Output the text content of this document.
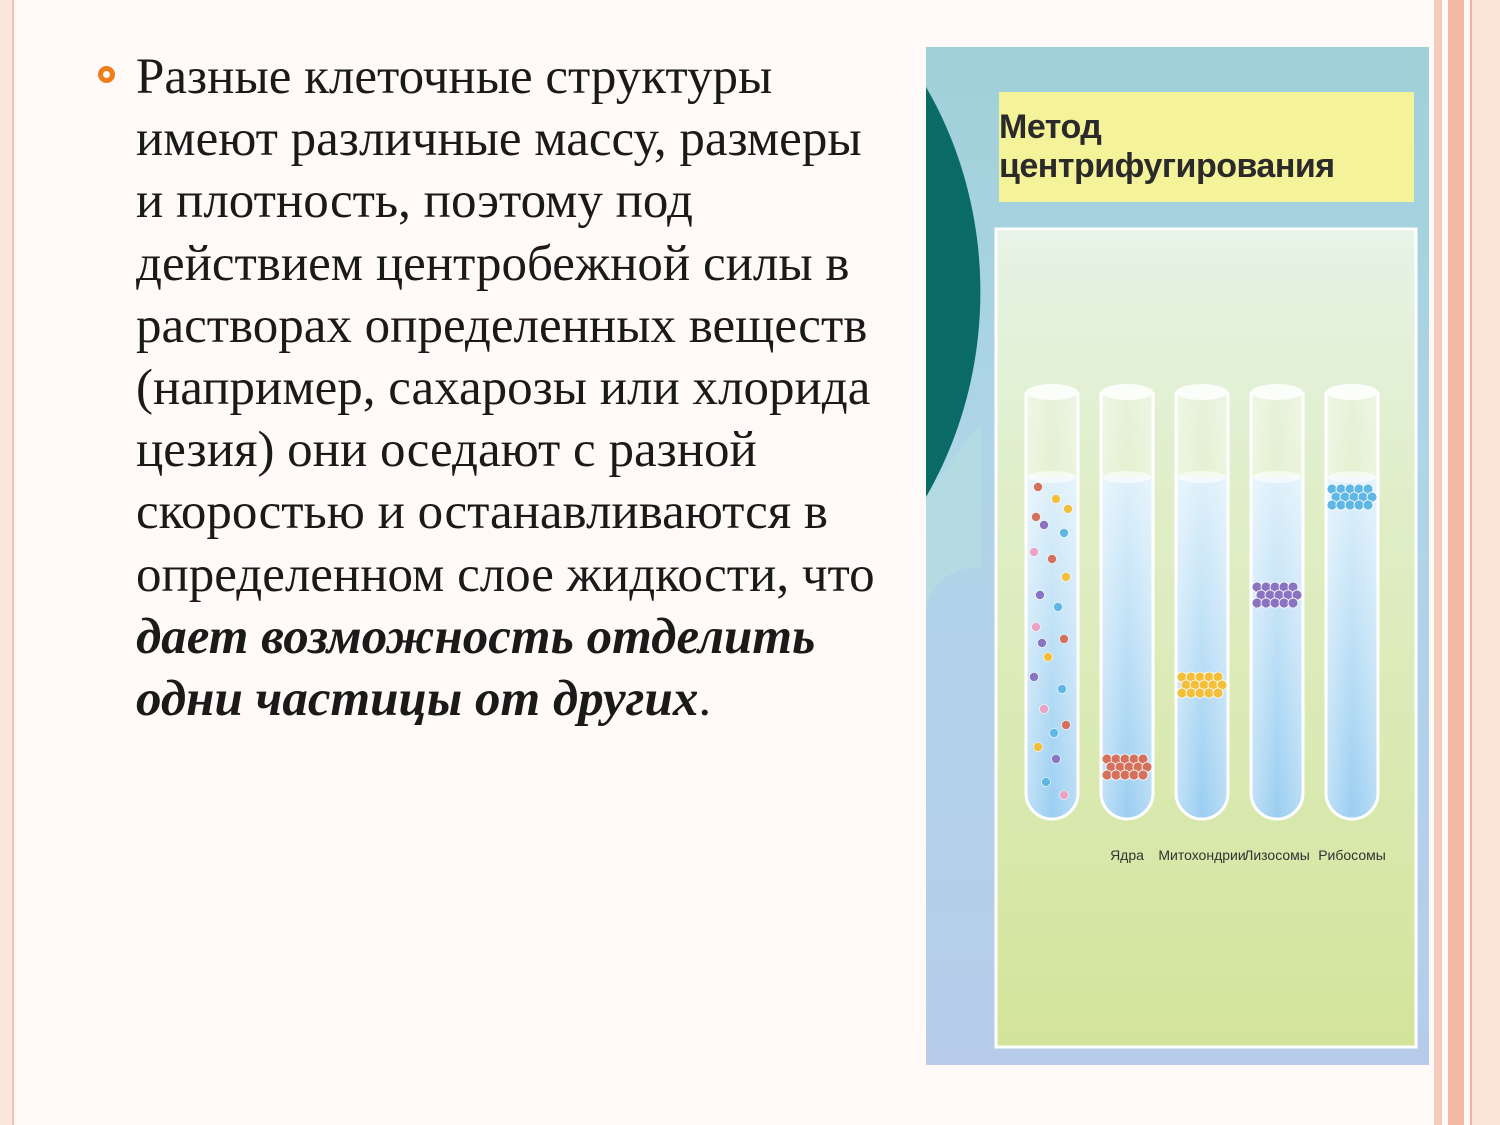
Разные клеточные структуры имеют различные массу, размеры и плотность, поэтому под действием центробежной силы в растворах определенных веществ (например, сахарозы или хлорида цезия) они оседают с разной скоростью и останавливаются в определенном слое жидкости, что дает возможность отделить одни частицы от других.
Метод центрифугирования
Ядра Митохондрии
Лизосомы Рибосомы
